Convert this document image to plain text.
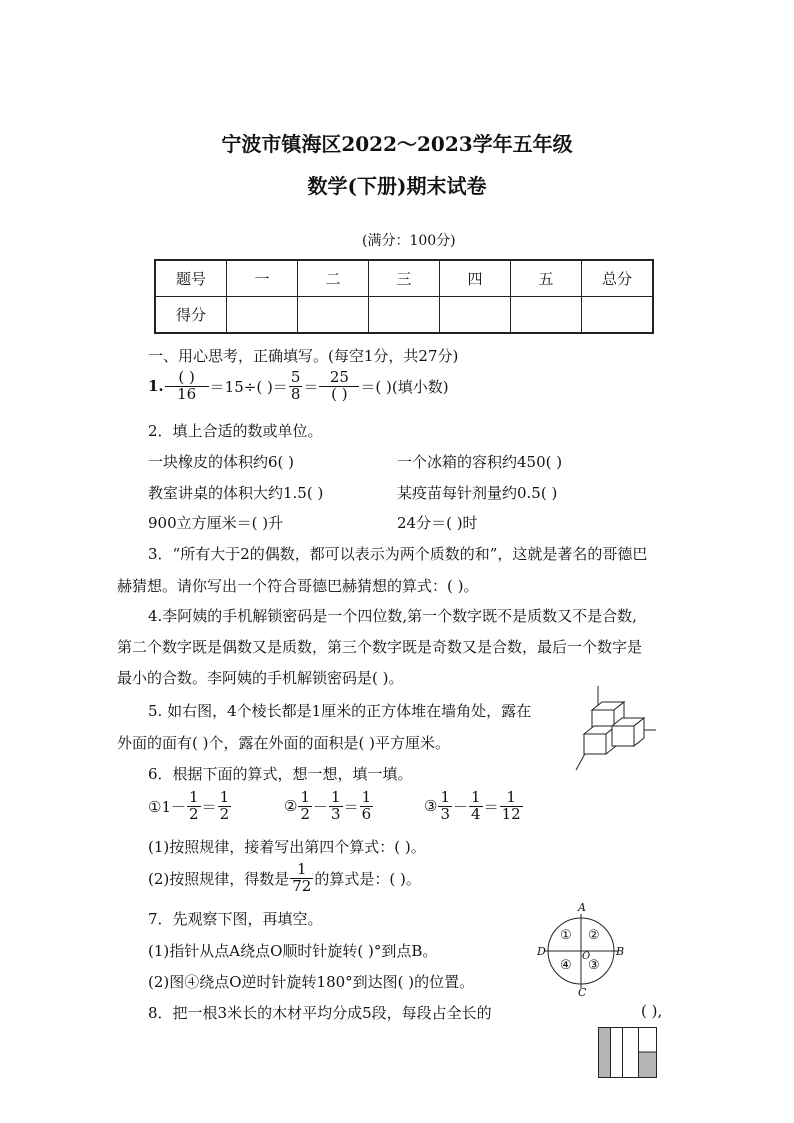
宁波市镇海区2022～2023学年五年级
数学(下册)期末试卷
(满分：100分)
题号	一	二	三	四	五	总分
得分						
一、用心思考，正确填写。(每空1分，共27分)
1. $\frac{( )}{16} =15\div$( )＝ $\frac{5}{8} = \frac{25}{( )}$ ＝( )(填小数)
2．填上合适的数或单位。
一块橡皮的体积约6( )	一个冰箱的容积约450( )
教室讲桌的体积大约1.5( )	某疫苗每针剂量约0.5( )
900立方厘米＝( )升	24分＝( )时
3．“所有大于2的偶数，都可以表示为两个质数的和”，这就是著名的哥德巴
赫猜想。请你写出一个符合哥德巴赫猜想的算式：( )。
4.李阿姨的手机解锁密码是一个四位数,第一个数字既不是质数又不是合数,
第二个数字既是偶数又是质数，第三个数字既是奇数又是合数，最后一个数字是
最小的合数。李阿姨的手机解锁密码是( )。
5. 如右图，4个棱长都是1厘米的正方体堆在墙角处，露在
外面的面有( )个，露在外面的面积是( )平方厘米。
6．根据下面的算式，想一想，填一填。
①1－ $\frac{1}{2} = \frac{1}{2}$	② $\frac{1}{2} - \frac{1}{3} = \frac{1}{6}$	③ $\frac{1}{3} - \frac{1}{4} = \frac{1}{12}$
(1)按照规律，接着写出第四个算式：( )。
(2)按照规律，得数是 $\frac{1}{72}$ 的算式是：( )。
7．先观察下图，再填空。
(1)指针从点A绕点O顺时针旋转( )°到点B。
(2)图④绕点O逆时针旋转180°到达图( )的位置。
A
B
C
D	O
① ②
③
④
8．把一根3米长的木材平均分成5段，每段占全长的	( ),
